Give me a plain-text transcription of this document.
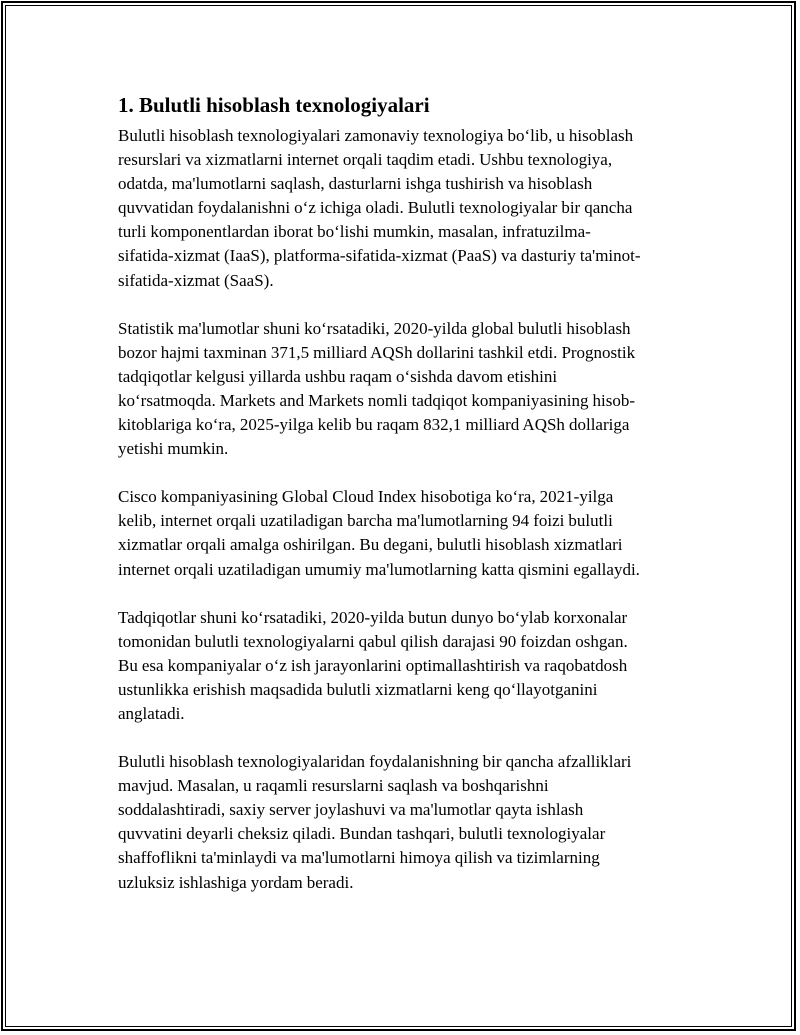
1. Bulutli hisoblash texnologiyalari

Bulutli hisoblash texnologiyalari zamonaviy texnologiya bo‘lib, u hisoblash
resurslari va xizmatlarni internet orqali taqdim etadi. Ushbu texnologiya,
odatda, ma'lumotlarni saqlash, dasturlarni ishga tushirish va hisoblash
quvvatidan foydalanishni o‘z ichiga oladi. Bulutli texnologiyalar bir qancha
turli komponentlardan iborat bo‘lishi mumkin, masalan, infratuzilma-
sifatida-xizmat (IaaS), platforma-sifatida-xizmat (PaaS) va dasturiy ta'minot-
sifatida-xizmat (SaaS).

Statistik ma'lumotlar shuni ko‘rsatadiki, 2020-yilda global bulutli hisoblash
bozor hajmi taxminan 371,5 milliard AQSh dollarini tashkil etdi. Prognostik
tadqiqotlar kelgusi yillarda ushbu raqam o‘sishda davom etishini
ko‘rsatmoqda. Markets and Markets nomli tadqiqot kompaniyasining hisob-
kitoblariga ko‘ra, 2025-yilga kelib bu raqam 832,1 milliard AQSh dollariga
yetishi mumkin.

Cisco kompaniyasining Global Cloud Index hisobotiga ko‘ra, 2021-yilga
kelib, internet orqali uzatiladigan barcha ma'lumotlarning 94 foizi bulutli
xizmatlar orqali amalga oshirilgan. Bu degani, bulutli hisoblash xizmatlari
internet orqali uzatiladigan umumiy ma'lumotlarning katta qismini egallaydi.

Tadqiqotlar shuni ko‘rsatadiki, 2020-yilda butun dunyo bo‘ylab korxonalar
tomonidan bulutli texnologiyalarni qabul qilish darajasi 90 foizdan oshgan.
Bu esa kompaniyalar o‘z ish jarayonlarini optimallashtirish va raqobatdosh
ustunlikka erishish maqsadida bulutli xizmatlarni keng qo‘llayotganini
anglatadi.

Bulutli hisoblash texnologiyalaridan foydalanishning bir qancha afzalliklari
mavjud. Masalan, u raqamli resurslarni saqlash va boshqarishni
soddalashtiradi, saxiy server joylashuvi va ma'lumotlar qayta ishlash
quvvatini deyarli cheksiz qiladi. Bundan tashqari, bulutli texnologiyalar
shaffoflikni ta'minlaydi va ma'lumotlarni himoya qilish va tizimlarning
uzluksiz ishlashiga yordam beradi.
